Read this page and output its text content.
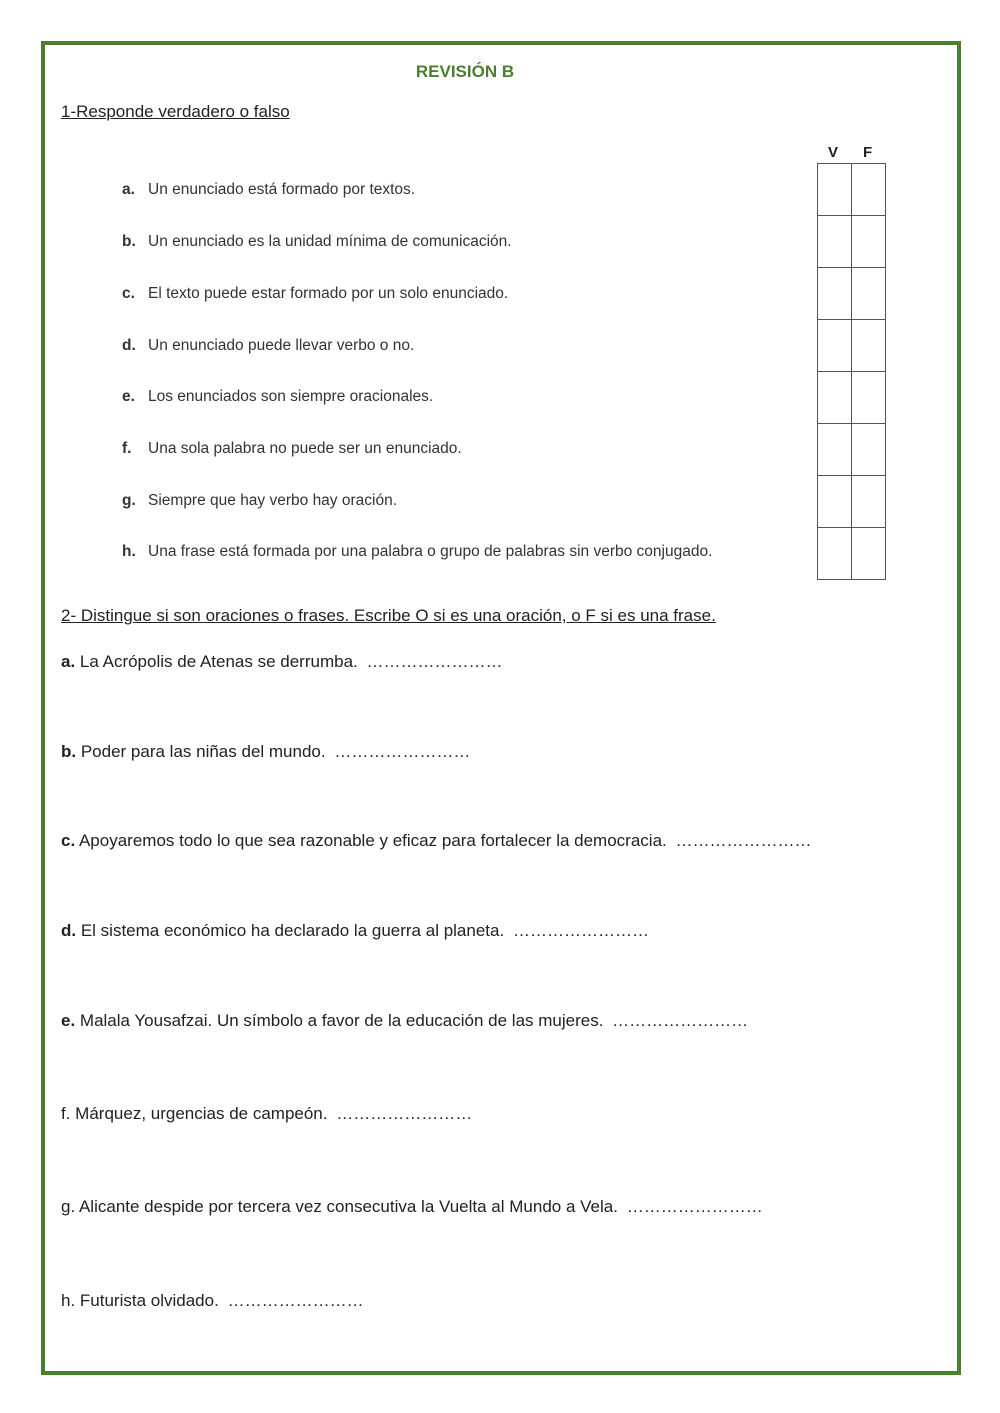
REVISIÓN B
1-Responde verdadero o falso
V F
a. Un enunciado está formado por textos.
b. Un enunciado es la unidad mínima de comunicación.
c. El texto puede estar formado por un solo enunciado.
d. Un enunciado puede llevar verbo o no.
e. Los enunciados son siempre oracionales.
f. Una sola palabra no puede ser un enunciado.
g. Siempre que hay verbo hay oración.
h. Una frase está formada por una palabra o grupo de palabras sin verbo conjugado.
2- Distingue si son oraciones o frases. Escribe O si es una oración, o F si es una frase.
a. La Acrópolis de Atenas se derrumba. ……………………
b. Poder para las niñas del mundo. ……………………
c. Apoyaremos todo lo que sea razonable y eficaz para fortalecer la democracia. ……………………
d. El sistema económico ha declarado la guerra al planeta. ……………………
e. Malala Yousafzai. Un símbolo a favor de la educación de las mujeres. ……………………
f. Márquez, urgencias de campeón. ……………………
g. Alicante despide por tercera vez consecutiva la Vuelta al Mundo a Vela. ……………………
h. Futurista olvidado. ……………………
